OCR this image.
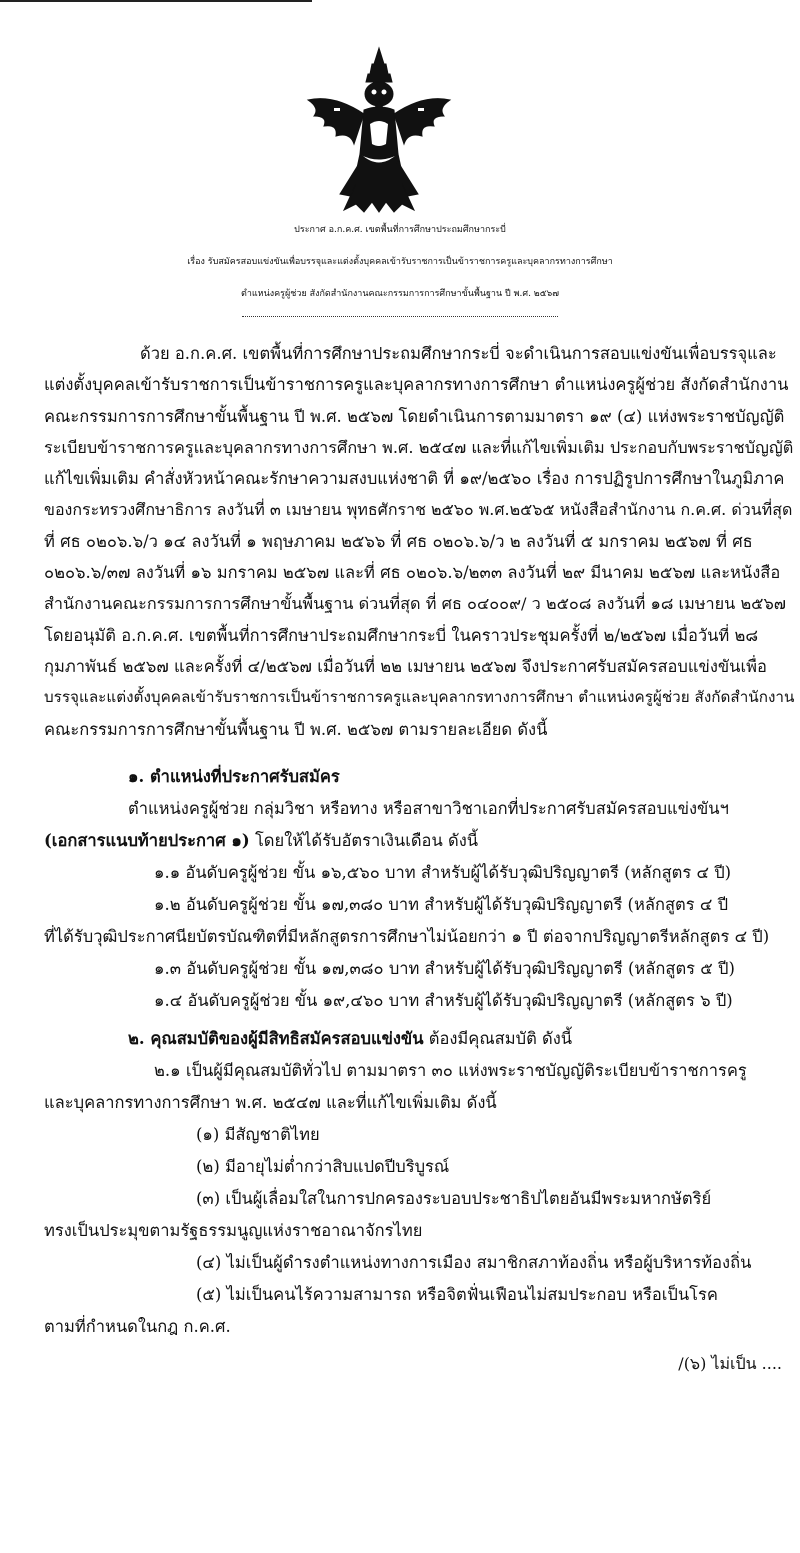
ประกาศ อ.ก.ค.ศ. เขตพื้นที่การศึกษาประถมศึกษากระบี่
เรื่อง รับสมัครสอบแข่งขันเพื่อบรรจุและแต่งตั้งบุคคลเข้ารับราชการเป็นข้าราชการครูและบุคลากรทางการศึกษา
ตำแหน่งครูผู้ช่วย สังกัดสำนักงานคณะกรรมการการศึกษาขั้นพื้นฐาน ปี พ.ศ. ๒๕๖๗
ด้วย อ.ก.ค.ศ. เขตพื้นที่การศึกษาประถมศึกษากระบี่ จะดำเนินการสอบแข่งขันเพื่อบรรจุและ
แต่งตั้งบุคคลเข้ารับราชการเป็นข้าราชการครูและบุคลากรทางการศึกษา ตำแหน่งครูผู้ช่วย สังกัดสำนักงาน
คณะกรรมการการศึกษาขั้นพื้นฐาน ปี พ.ศ. ๒๕๖๗ โดยดำเนินการตามมาตรา ๑๙ (๔) แห่งพระราชบัญญัติ
ระเบียบข้าราชการครูและบุคลากรทางการศึกษา พ.ศ. ๒๕๔๗ และที่แก้ไขเพิ่มเติม ประกอบกับพระราชบัญญัติ
แก้ไขเพิ่มเติม คำสั่งหัวหน้าคณะรักษาความสงบแห่งชาติ ที่ ๑๙/๒๕๖๐ เรื่อง การปฏิรูปการศึกษาในภูมิภาค
ของกระทรวงศึกษาธิการ ลงวันที่ ๓ เมษายน พุทธศักราช ๒๕๖๐ พ.ศ.๒๕๖๕ หนังสือสำนักงาน ก.ค.ศ. ด่วนที่สุด
ที่ ศธ ๐๒๐๖.๖/ว ๑๔ ลงวันที่ ๑ พฤษภาคม ๒๕๖๖ ที่ ศธ ๐๒๐๖.๖/ว ๒ ลงวันที่ ๕ มกราคม ๒๕๖๗ ที่ ศธ
๐๒๐๖.๖/๓๗ ลงวันที่ ๑๖ มกราคม ๒๕๖๗ และที่ ศธ ๐๒๐๖.๖/๒๓๓ ลงวันที่ ๒๙ มีนาคม ๒๕๖๗ และหนังสือ
สำนักงานคณะกรรมการการศึกษาขั้นพื้นฐาน ด่วนที่สุด ที่ ศธ ๐๔๐๐๙/ ว ๒๕๐๘ ลงวันที่ ๑๘ เมษายน ๒๕๖๗
โดยอนุมัติ อ.ก.ค.ศ. เขตพื้นที่การศึกษาประถมศึกษากระบี่ ในคราวประชุมครั้งที่ ๒/๒๕๖๗ เมื่อวันที่ ๒๘
กุมภาพันธ์ ๒๕๖๗ และครั้งที่ ๔/๒๕๖๗ เมื่อวันที่ ๒๒ เมษายน ๒๕๖๗ จึงประกาศรับสมัครสอบแข่งขันเพื่อ
บรรจุและแต่งตั้งบุคคลเข้ารับราชการเป็นข้าราชการครูและบุคลากรทางการศึกษา ตำแหน่งครูผู้ช่วย สังกัดสำนักงาน
คณะกรรมการการศึกษาขั้นพื้นฐาน ปี พ.ศ. ๒๕๖๗ ตามรายละเอียด ดังนี้
๑. ตำแหน่งที่ประกาศรับสมัคร
ตำแหน่งครูผู้ช่วย กลุ่มวิชา หรือทาง หรือสาขาวิชาเอกที่ประกาศรับสมัครสอบแข่งขันฯ
(เอกสารแนบท้ายประกาศ ๑) โดยให้ได้รับอัตราเงินเดือน ดังนี้
๑.๑ อันดับครูผู้ช่วย ขั้น ๑๖,๕๖๐ บาท สำหรับผู้ได้รับวุฒิปริญญาตรี (หลักสูตร ๔ ปี)
๑.๒ อันดับครูผู้ช่วย ขั้น ๑๗,๓๘๐ บาท สำหรับผู้ได้รับวุฒิปริญญาตรี (หลักสูตร ๔ ปี
ที่ได้รับวุฒิประกาศนียบัตรบัณฑิตที่มีหลักสูตรการศึกษาไม่น้อยกว่า ๑ ปี ต่อจากปริญญาตรีหลักสูตร ๔ ปี)
๑.๓ อันดับครูผู้ช่วย ขั้น ๑๗,๓๘๐ บาท สำหรับผู้ได้รับวุฒิปริญญาตรี (หลักสูตร ๕ ปี)
๑.๔ อันดับครูผู้ช่วย ขั้น ๑๙,๔๖๐ บาท สำหรับผู้ได้รับวุฒิปริญญาตรี (หลักสูตร ๖ ปี)
๒. คุณสมบัติของผู้มีสิทธิสมัครสอบแข่งขัน ต้องมีคุณสมบัติ ดังนี้
๒.๑ เป็นผู้มีคุณสมบัติทั่วไป ตามมาตรา ๓๐ แห่งพระราชบัญญัติระเบียบข้าราชการครู
และบุคลากรทางการศึกษา พ.ศ. ๒๕๔๗ และที่แก้ไขเพิ่มเติม ดังนี้
(๑) มีสัญชาติไทย
(๒) มีอายุไม่ต่ำกว่าสิบแปดปีบริบูรณ์
(๓) เป็นผู้เลื่อมใสในการปกครองระบอบประชาธิปไตยอันมีพระมหากษัตริย์
ทรงเป็นประมุขตามรัฐธรรมนูญแห่งราชอาณาจักรไทย
(๔) ไม่เป็นผู้ดำรงตำแหน่งทางการเมือง สมาชิกสภาท้องถิ่น หรือผู้บริหารท้องถิ่น
(๕) ไม่เป็นคนไร้ความสามารถ หรือจิตฟั่นเฟือนไม่สมประกอบ หรือเป็นโรค
ตามที่กำหนดในกฎ ก.ค.ศ.
/(๖) ไม่เป็น ....
